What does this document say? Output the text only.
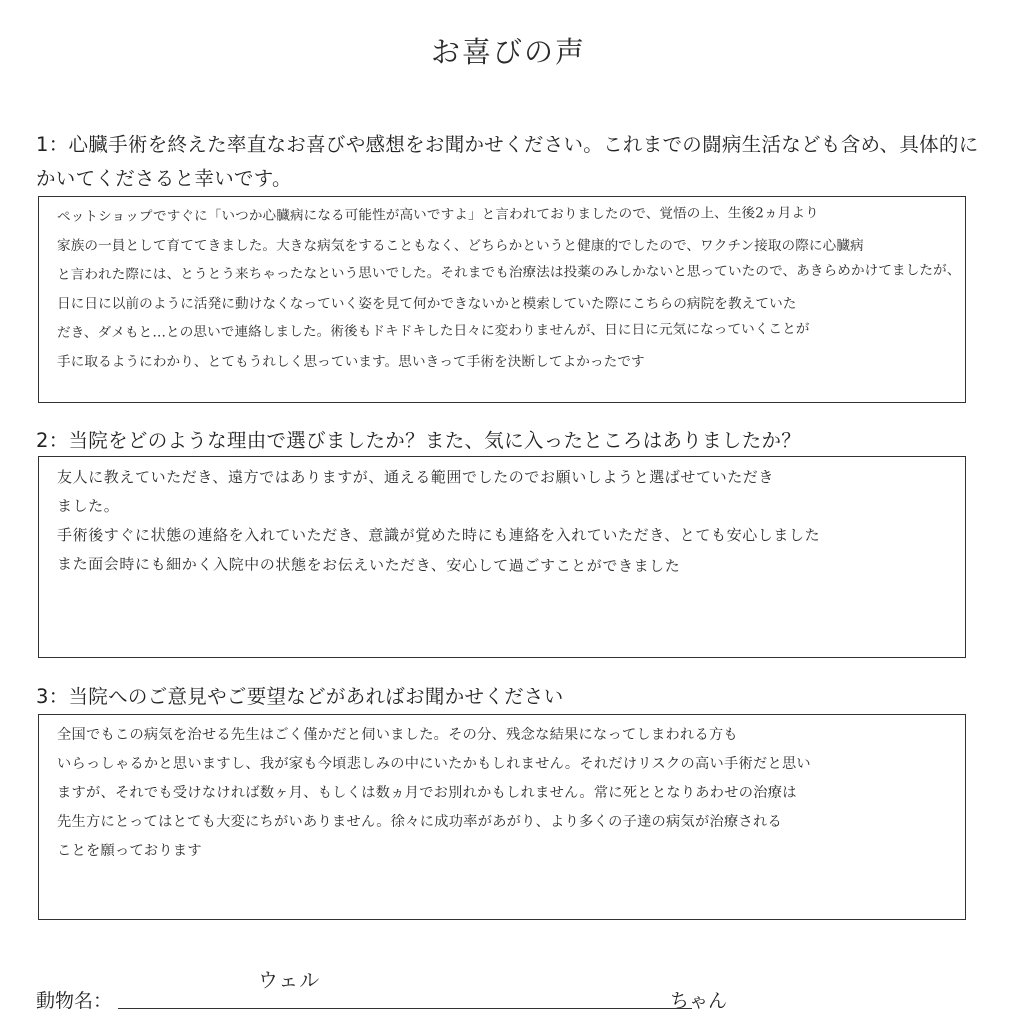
お喜びの声
1：心臓手術を終えた率直なお喜びや感想をお聞かせください。これまでの闘病生活なども含め、具体的にかいてくださると幸いです。
ペットショップですぐに「いつか心臓病になる可能性が高いですよ」と言われておりましたので、覚悟の上、生後2ヵ月より
家族の一員として育ててきました。大きな病気をすることもなく、どちらかというと健康的でしたので、ワクチン接取の際に心臓病
と言われた際には、とうとう来ちゃったなという思いでした。それまでも治療法は投薬のみしかないと思っていたので、あきらめかけてましたが、
日に日に以前のように活発に動けなくなっていく姿を見て何かできないかと模索していた際にこちらの病院を教えていた
だき、ダメもと…との思いで連絡しました。術後もドキドキした日々に変わりませんが、日に日に元気になっていくことが
手に取るようにわかり、とてもうれしく思っています。思いきって手術を決断してよかったです
2：当院をどのような理由で選びましたか？また、気に入ったところはありましたか？
友人に教えていただき、遠方ではありますが、通える範囲でしたのでお願いしようと選ばせていただき
ました。
手術後すぐに状態の連絡を入れていただき、意識が覚めた時にも連絡を入れていただき、とても安心しました
また面会時にも細かく入院中の状態をお伝えいただき、安心して過ごすことができました
3：当院へのご意見やご要望などがあればお聞かせください
全国でもこの病気を治せる先生はごく僅かだと伺いました。その分、残念な結果になってしまわれる方も
いらっしゃるかと思いますし、我が家も今頃悲しみの中にいたかもしれません。それだけリスクの高い手術だと思い
ますが、それでも受けなければ数ヶ月、もしくは数ヵ月でお別れかもしれません。常に死ととなりあわせの治療は
先生方にとってはとても大変にちがいありません。徐々に成功率があがり、より多くの子達の病気が治療される
ことを願っております
動物名：
ウェル
ちゃん
